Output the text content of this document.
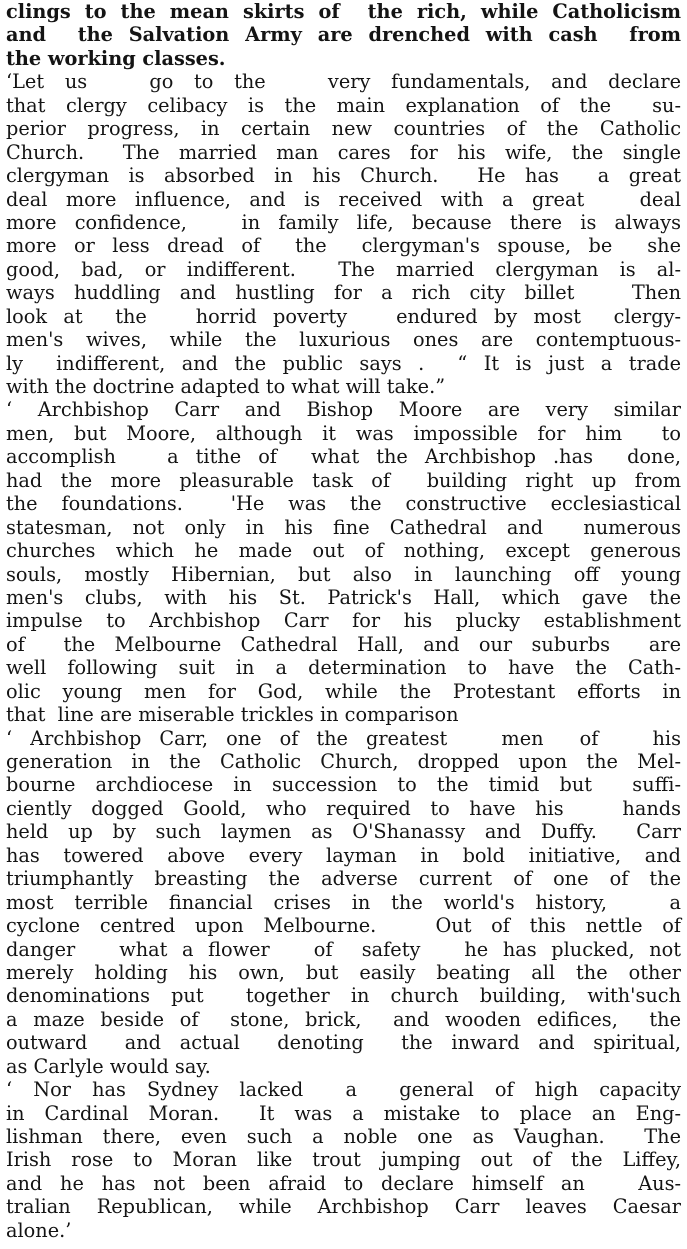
clings to the mean skirts of  the rich, while Catholicism
and  the Salvation Army are drenched with cash  from
the working classes.
‘Let us   go to the   very fundamentals, and declare
that clergy celibacy is the main explanation of the  su-
perior progress, in certain new countries of the Catholic
Church.  The married man cares for his wife, the single
clergyman is absorbed in his Church.  He has  a great
deal more influence, and is received with a great   deal
more confidence,   in family life, because there is always
more or less dread of  the  clergyman's spouse, be  she
good, bad, or indifferent.  The married clergyman is al-
ways huddling and hustling for a rich city billet   Then
look at  the   horrid poverty   endured by most  clergy-
men's wives, while the luxurious ones are contemptuous-
ly  indifferent, and the public says .  “ It is just a trade
with the doctrine adapted to what will take.”
‘ Archbishop Carr and Bishop Moore are very similar
men, but Moore, although it was impossible for him  to
accomplish   a tithe of  what the Archbishop .has  done,
had the more pleasurable task of  building right up from
the foundations.  'He was the constructive ecclesiastical
statesman, not only in his fine Cathedral and  numerous
churches which he made out of nothing, except generous
souls, mostly Hibernian, but also in launching off young
men's clubs, with his St. Patrick's Hall, which gave the
impulse to Archbishop Carr for his plucky establishment
of  the Melbourne Cathedral Hall, and our suburbs  are
well following suit in a determination to have the Cath-
olic young men for God, while the Protestant efforts in
that  line are miserable trickles in comparison
‘ Archbishop Carr, one of the greatest   men  of   his
generation in the Catholic Church, dropped upon the Mel-
bourne archdiocese in succession to the timid but  suffi-
ciently dogged Goold, who required to have his   hands
held up by such laymen as O'Shanassy and Duffy.  Carr
has towered above every layman in bold initiative, and
triumphantly breasting the adverse current of one of the
most terrible financial crises in the world's history,   a
cyclone centred upon Melbourne.   Out of this nettle of
danger   what a flower   of  safety   he has plucked, not
merely holding his own, but easily beating all the other
denominations put  together in church building, with'such
a maze beside of  stone, brick,  and wooden edifices,  the
outward  and actual  denoting  the inward and spiritual,
as Carlyle would say.
‘ Nor has Sydney lacked  a  general of high capacity
in Cardinal Moran.  It was a mistake to place an Eng-
lishman there, even such a noble one as Vaughan.  The
Irish rose to Moran like trout jumping out of the Liffey,
and he has not been afraid to declare himself an   Aus-
tralian Republican, while Archbishop Carr leaves Caesar
alone.’
